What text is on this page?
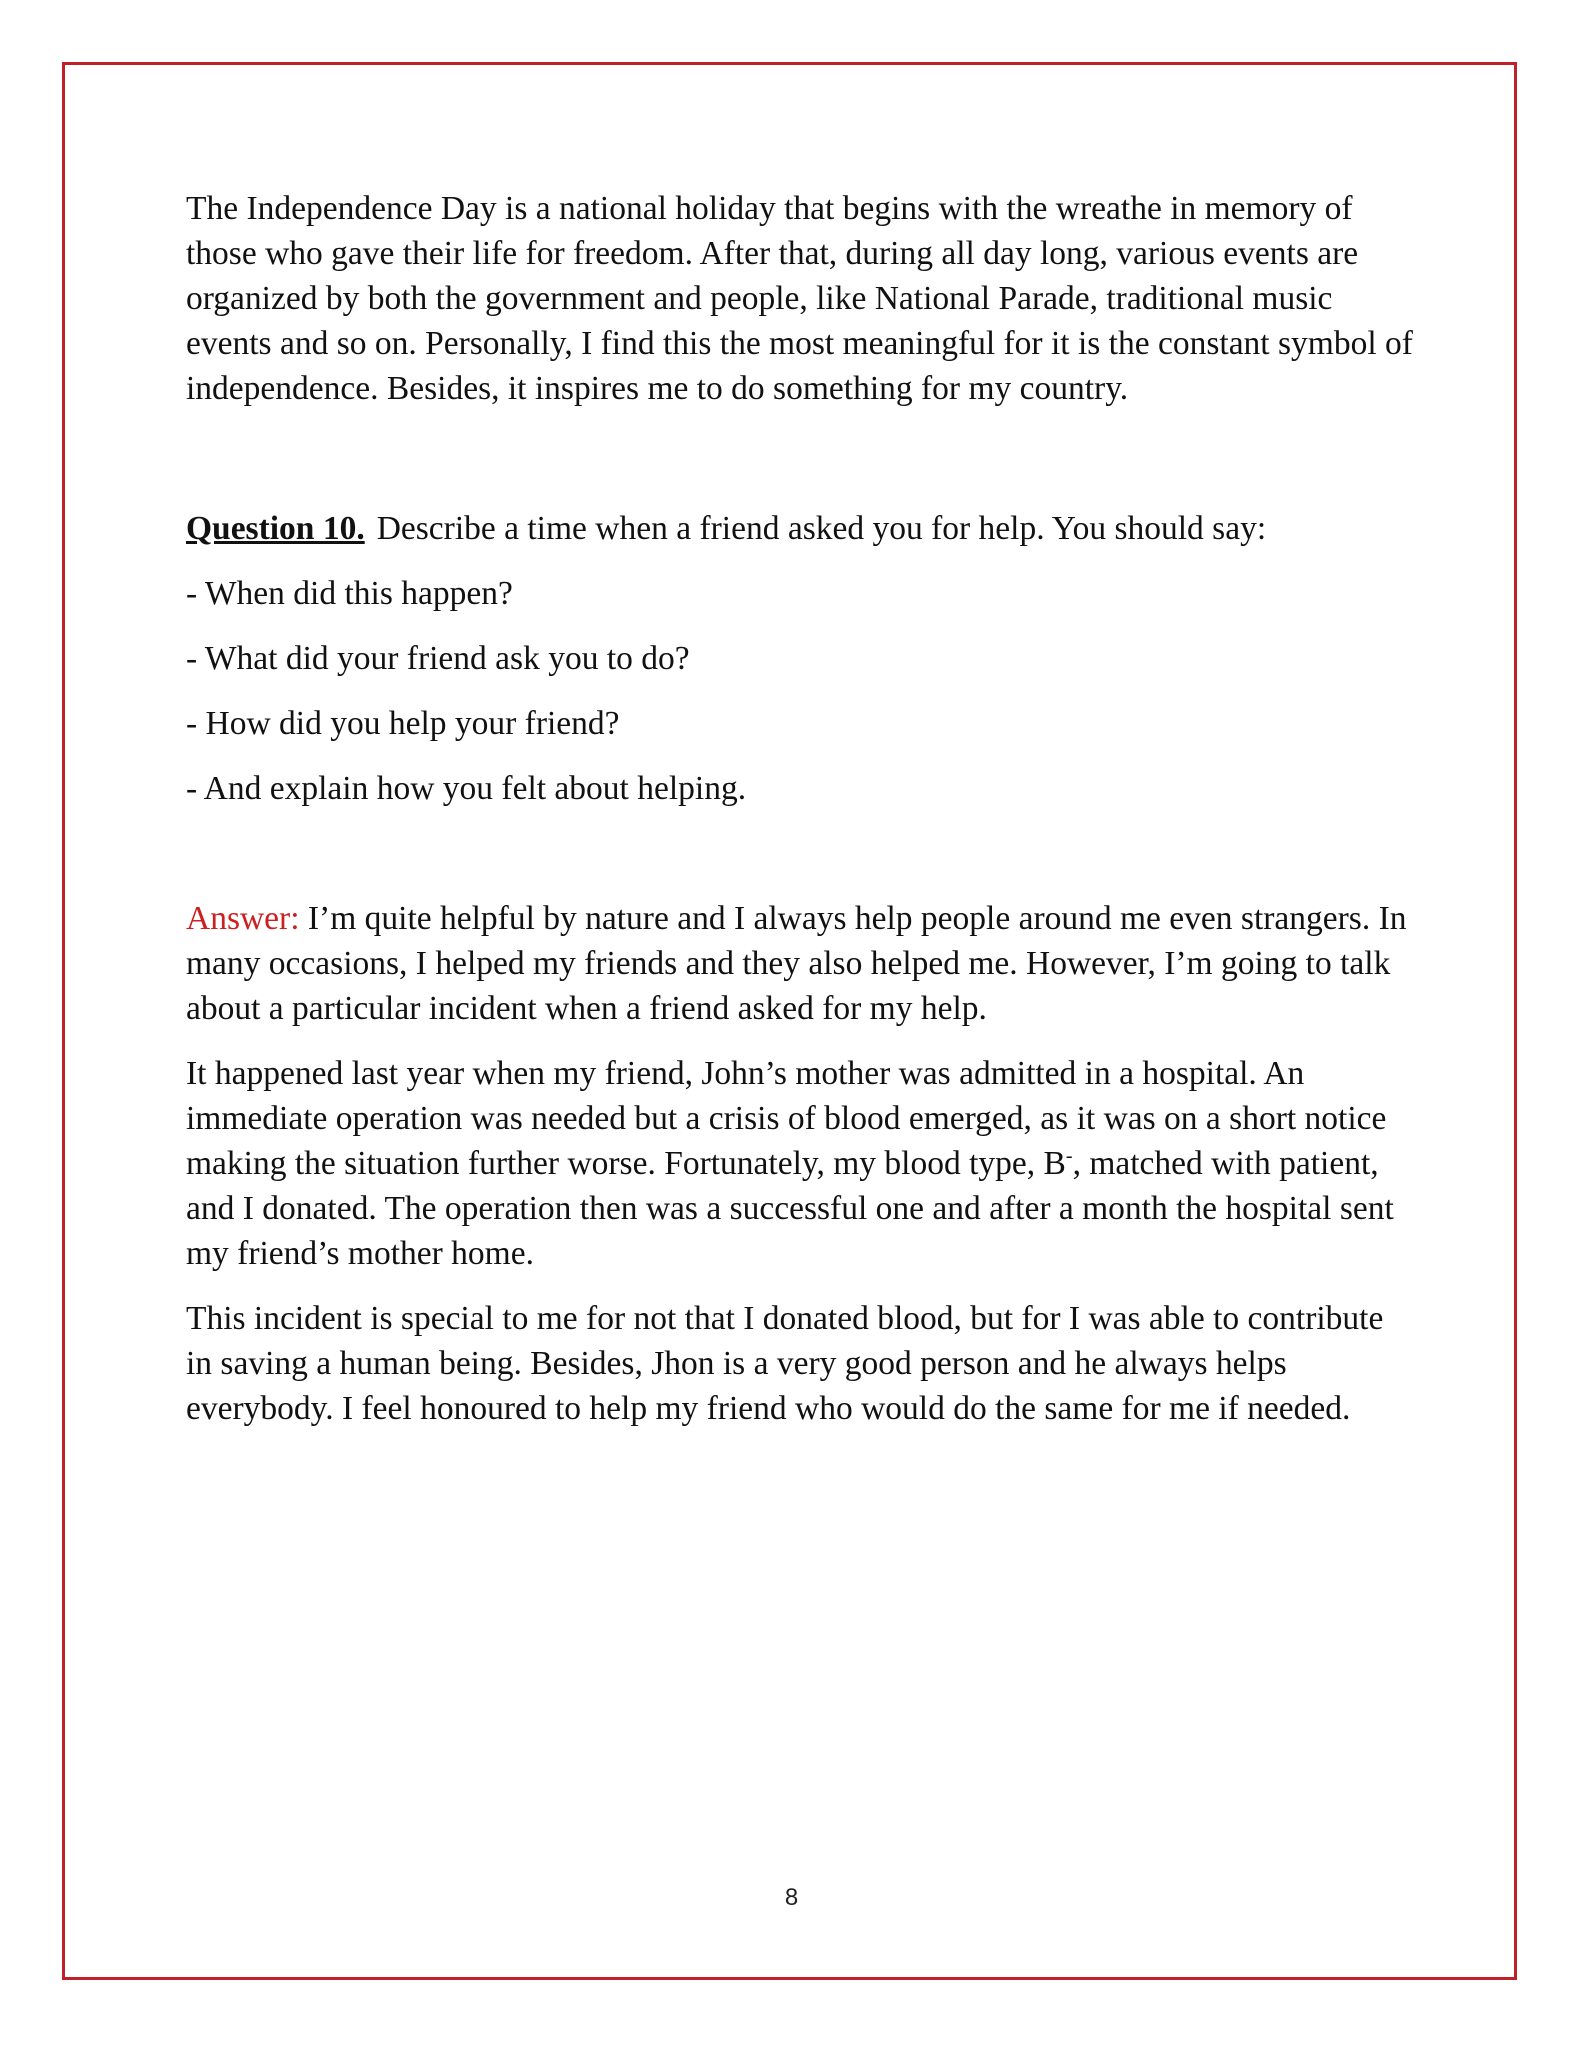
The Independence Day is a national holiday that begins with the wreathe in memory of those who gave their life for freedom. After that, during all day long, various events are organized by both the government and people, like National Parade, traditional music events and so on. Personally, I find this the most meaningful for it is the constant symbol of independence. Besides, it inspires me to do something for my country.

Question 10. Describe a time when a friend asked you for help. You should say:

- When did this happen?

- What did your friend ask you to do?

- How did you help your friend?

- And explain how you felt about helping.

Answer: I’m quite helpful by nature and I always help people around me even strangers. In many occasions, I helped my friends and they also helped me. However, I’m going to talk about a particular incident when a friend asked for my help.

It happened last year when my friend, John’s mother was admitted in a hospital. An immediate operation was needed but a crisis of blood emerged, as it was on a short notice making the situation further worse. Fortunately, my blood type, B-, matched with patient, and I donated. The operation then was a successful one and after a month the hospital sent my friend’s mother home.

This incident is special to me for not that I donated blood, but for I was able to contribute in saving a human being. Besides, Jhon is a very good person and he always helps everybody. I feel honoured to help my friend who would do the same for me if needed.

8
